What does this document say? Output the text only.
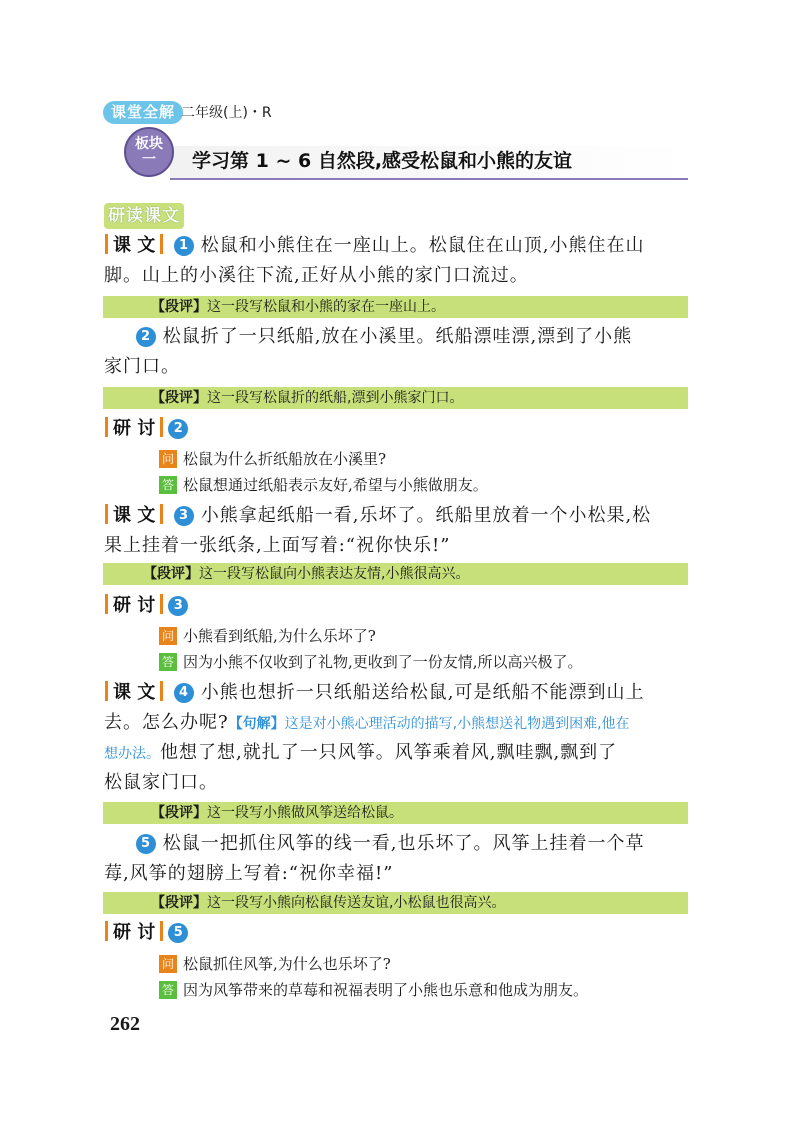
课堂全解 二年级(上)・R
板块一	学习第 1 ~ 6 自然段,感受松鼠和小熊的友谊
研读课文
课 文	1 松鼠和小熊住在一座山上。松鼠住在山顶,小熊住在山
脚。山上的小溪往下流,正好从小熊的家门口流过。
【段评】这一段写松鼠和小熊的家在一座山上。
2 松鼠折了一只纸船,放在小溪里。纸船漂哇漂,漂到了小熊
家门口。
【段评】这一段写松鼠折的纸船,漂到小熊家门口。
研 讨 2
问 松鼠为什么折纸船放在小溪里?
答 松鼠想通过纸船表示友好,希望与小熊做朋友。
课 文	3 小熊拿起纸船一看,乐坏了。纸船里放着一个小松果,松
果上挂着一张纸条,上面写着:“祝你快乐!”
【段评】这一段写松鼠向小熊表达友情,小熊很高兴。
研 讨 3
问 小熊看到纸船,为什么乐坏了?
答 因为小熊不仅收到了礼物,更收到了一份友情,所以高兴极了。
课 文	4 小熊也想折一只纸船送给松鼠,可是纸船不能漂到山上
去。怎么办呢?【句解】这是对小熊心理活动的描写,小熊想送礼物遇到困难,他在
想办法。他想了想,就扎了一只风筝。风筝乘着风,飘哇飘,飘到了
松鼠家门口。
【段评】这一段写小熊做风筝送给松鼠。
5 松鼠一把抓住风筝的线一看,也乐坏了。风筝上挂着一个草
莓,风筝的翅膀上写着:“祝你幸福!”
【段评】这一段写小熊向松鼠传送友谊,小松鼠也很高兴。
研 讨 5
问 松鼠抓住风筝,为什么也乐坏了?
答 因为风筝带来的草莓和祝福表明了小熊也乐意和他成为朋友。
262
